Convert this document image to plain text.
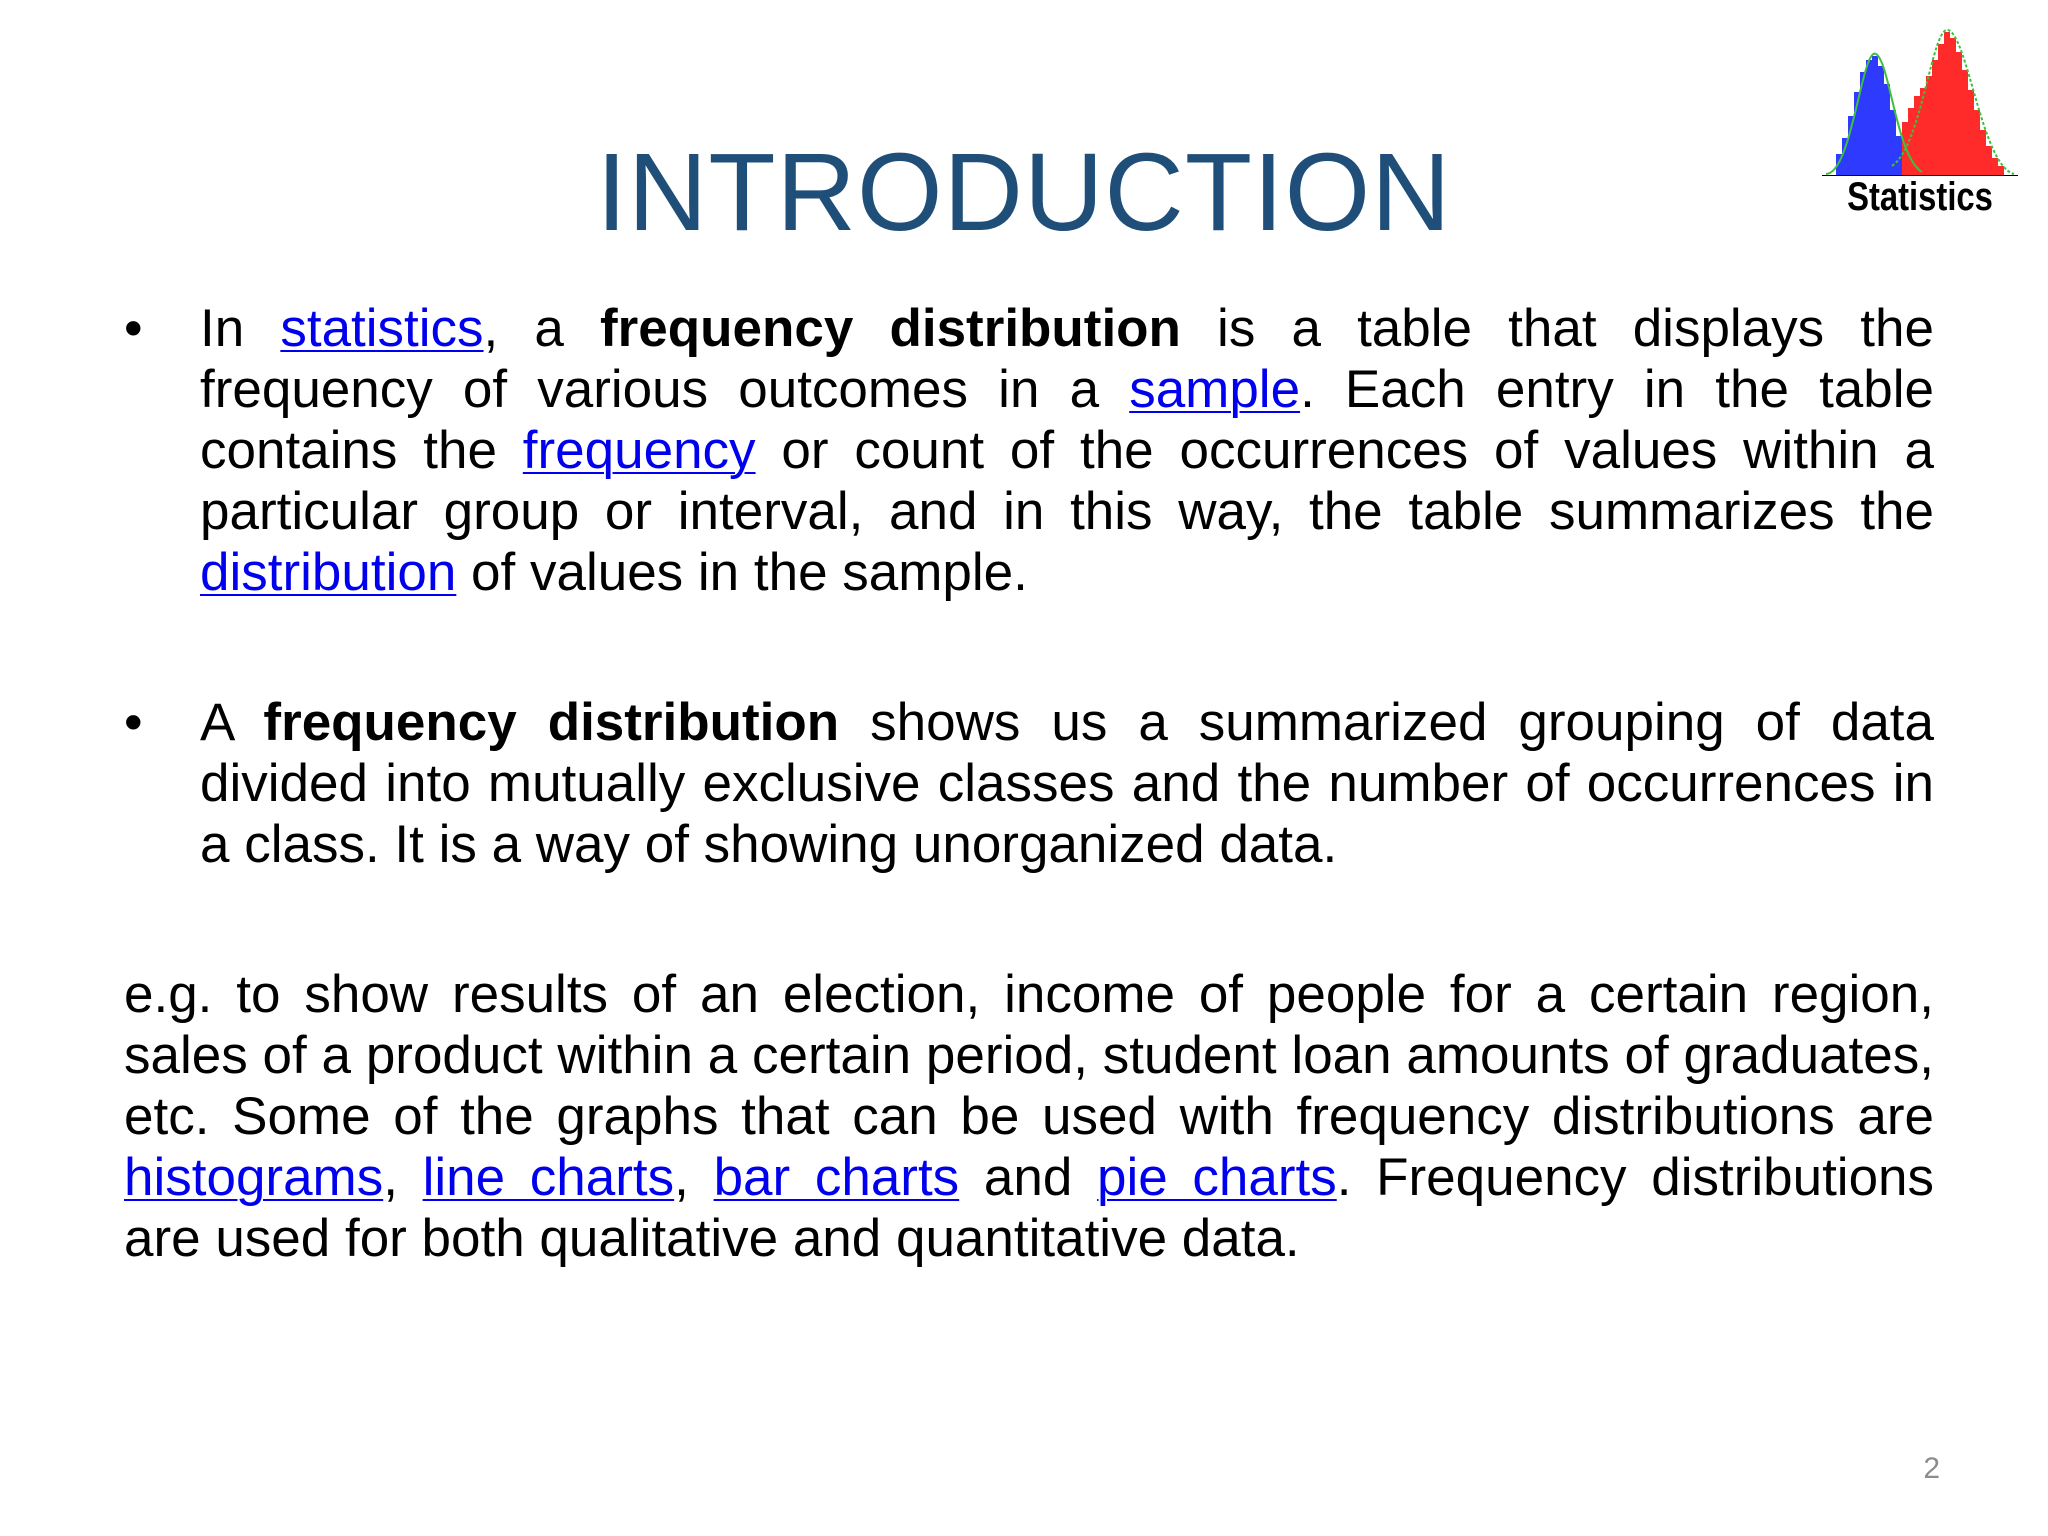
INTRODUCTION	Statistics
• In statistics, a frequency distribution is a table that displays the frequency of various outcomes in a sample. Each entry in the table contains the frequency or count of the occurrences of values within a particular group or interval, and in this way, the table summarizes the distribution of values in the sample.
• A frequency distribution shows us a summarized grouping of data divided into mutually exclusive classes and the number of occurrences in a class. It is a way of showing unorganized data.
e.g. to show results of an election, income of people for a certain region, sales of a product within a certain period, student loan amounts of graduates, etc. Some of the graphs that can be used with frequency distributions are histograms, line charts, bar charts and pie charts. Frequency distributions are used for both qualitative and quantitative data.
2
